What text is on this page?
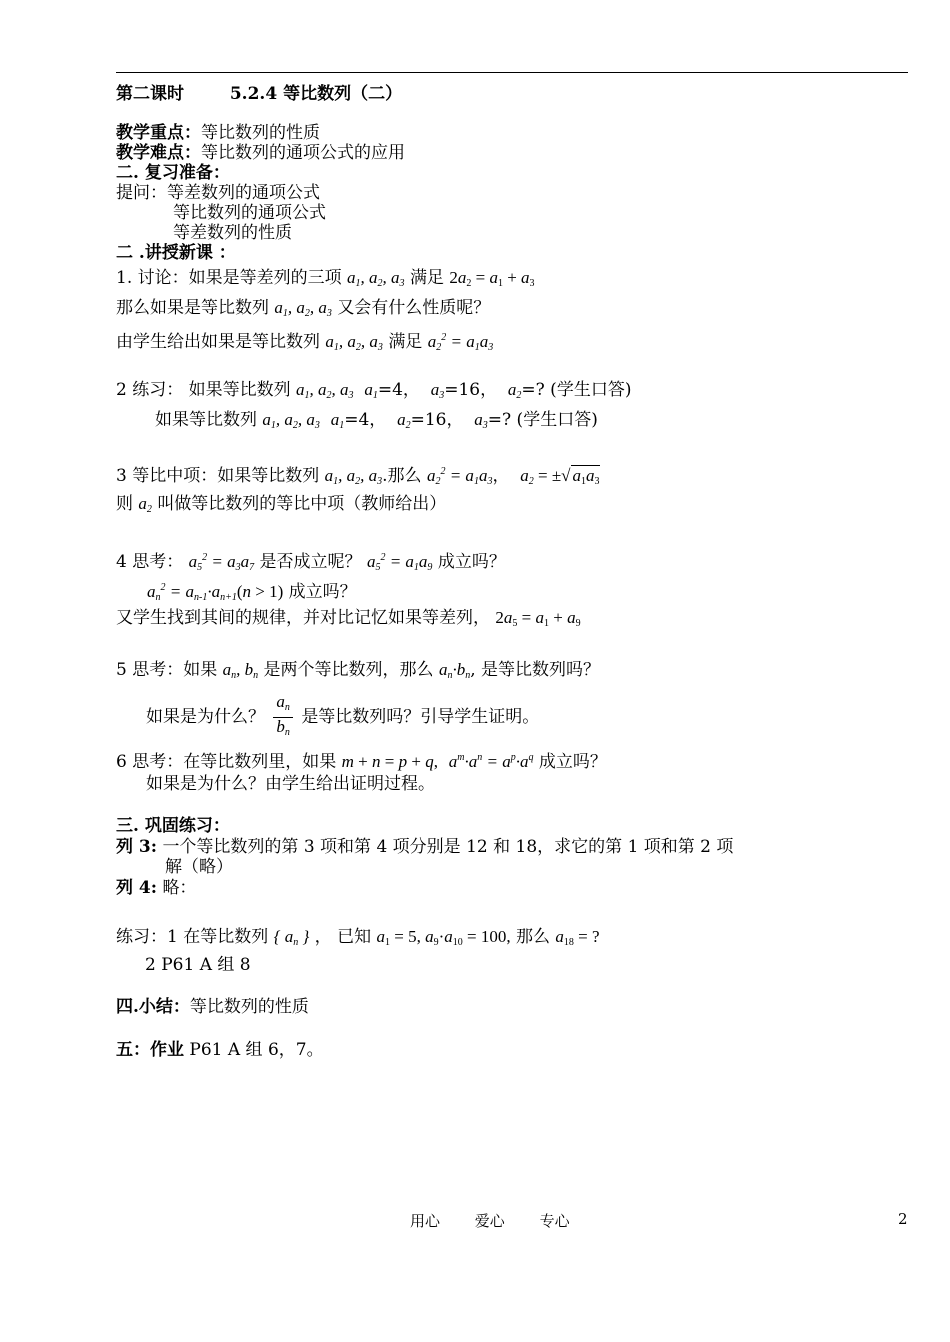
第二课时	5.2.4 等比数列（二）
教学重点：等比数列的性质
教学难点：等比数列的通项公式的应用
二. 复习准备：
提问：等差数列的通项公式
等比数列的通项公式
等差数列的性质
二 .讲授新课 ：
1. 讨论：如果是等差列的三项 $a_1$, $a_2$, $a_3$ 满足 $2a_2 = a_1 + a_3$
那么如果是等比数列 $a_1$, $a_2$, $a_3$ 又会有什么性质呢？
由学生给出如果是等比数列 $a_1$, $a_2$, $a_3$ 满足 $a_2^2 = a_1a_3$
2 练习： 如果等比数列 $a_1$, $a_2$, $a_3$ $a_1=4$， $a_3=16$， $a_2=$? (学生口答)
如果等比数列 $a_1$, $a_2$, $a_3$ $a_1=4$， $a_2=16$， $a_3=$? (学生口答)
3 等比中项：如果等比数列 $a_1$, $a_2$, $a_3$.那么 $a_2^2 = a_1a_3$，  $a_2$ = ±√ $a_1a_3$
则 $a_2$ 叫做等比数列的等比中项（教师给出）
4 思考： $a_5^2 = a_3a_7$ 是否成立呢？ $a_5^2 = a_1a_9$ 成立吗？
$a_n^2 = a_{n-1}\cdot a_{n+1}(n > 1)$ 成立吗？
又学生找到其间的规律，并对比记忆如果等差列， $2a_5 = a_1 + a_9$
5 思考：如果 $a_n$, $b_n$ 是两个等比数列，那么 $a_n\cdot b_n$, 是等比数列吗？
如果是为什么？ $\frac{a_n}{b_n}$ 是等比数列吗？引导学生证明。
6 思考：在等比数列里，如果 m + n = p + q, $a^m\cdot a^n = a^p\cdot a^q$ 成立吗？
如果是为什么？由学生给出证明过程。
三. 巩固练习：
列 3: 一个等比数列的第 3 项和第 4 项分别是 12 和 18，求它的第 1 项和第 2 项
解（略）
列 4: 略：
练习：1 在等比数列 { $a_n$ } ， 已知 $a_1 = 5$, $a_9\cdot a_{10} = 100$, 那么 $a_{18}$ = ?
2 P61 A 组 8
四.小结：等比数列的性质
五：作业 P61 A 组 6，7。
用心 爱心 专心	2
